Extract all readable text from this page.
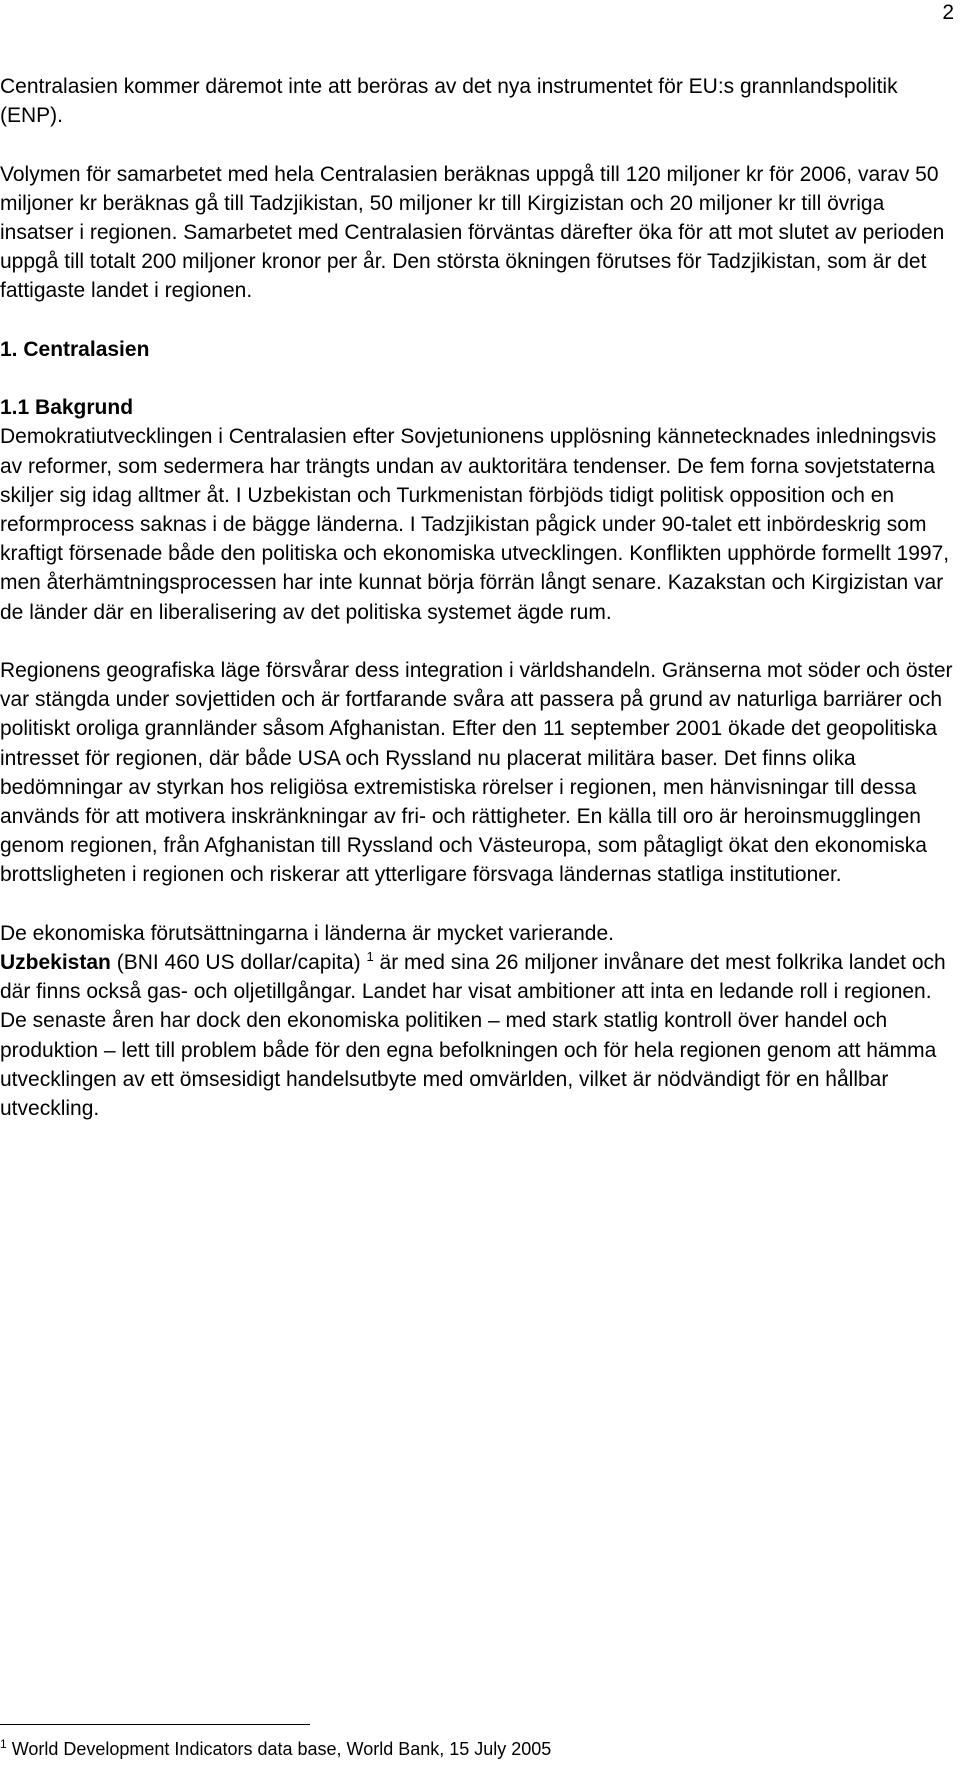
2

Centralasien kommer däremot inte att beröras av det nya instrumentet för EU:s grannlandspolitik (ENP).

Volymen för samarbetet med hela Centralasien beräknas uppgå till 120 miljoner kr för 2006, varav 50 miljoner kr beräknas gå till Tadzjikistan, 50 miljoner kr till Kirgizistan och 20 miljoner kr till övriga insatser i regionen. Samarbetet med Centralasien förväntas därefter öka för att mot slutet av perioden uppgå till totalt 200 miljoner kronor per år. Den största ökningen förutses för Tadzjikistan, som är det fattigaste landet i regionen.

1. Centralasien
1.1 Bakgrund

Demokratiutvecklingen i Centralasien efter Sovjetunionens upplösning kännetecknades inledningsvis av reformer, som sedermera har trängts undan av auktoritära tendenser. De fem forna sovjetstaterna skiljer sig idag alltmer åt. I Uzbekistan och Turkmenistan förbjöds tidigt politisk opposition och en reformprocess saknas i de bägge länderna. I Tadzjikistan pågick under 90-talet ett inbördeskrig som kraftigt försenade både den politiska och ekonomiska utvecklingen. Konflikten upphörde formellt 1997, men återhämtningsprocessen har inte kunnat börja förrän långt senare. Kazakstan och Kirgizistan var de länder där en liberalisering av det politiska systemet ägde rum.

Regionens geografiska läge försvårar dess integration i världshandeln. Gränserna mot söder och öster var stängda under sovjettiden och är fortfarande svåra att passera på grund av naturliga barriärer och politiskt oroliga grannländer såsom Afghanistan. Efter den 11 september 2001 ökade det geopolitiska intresset för regionen, där både USA och Ryssland nu placerat militära baser. Det finns olika bedömningar av styrkan hos religiösa extremistiska rörelser i regionen, men hänvisningar till dessa används för att motivera inskränkningar av fri- och rättigheter. En källa till oro är heroinsmugglingen genom regionen, från Afghanistan till Ryssland och Västeuropa, som påtagligt ökat den ekonomiska brottsligheten i regionen och riskerar att ytterligare försvaga ländernas statliga institutioner.

De ekonomiska förutsättningarna i länderna är mycket varierande.
Uzbekistan (BNI 460 US dollar/capita) $^1$ är med sina 26 miljoner invånare det mest folkrika landet och där finns också gas- och oljetillgångar. Landet har visat ambitioner att inta en ledande roll i regionen. De senaste åren har dock den ekonomiska politiken – med stark statlig kontroll över handel och produktion – lett till problem både för den egna befolkningen och för hela regionen genom att hämma utvecklingen av ett ömsesidigt handelsutbyte med omvärlden, vilket är nödvändigt för en hållbar utveckling.

$^1$ World Development Indicators data base, World Bank, 15 July 2005
